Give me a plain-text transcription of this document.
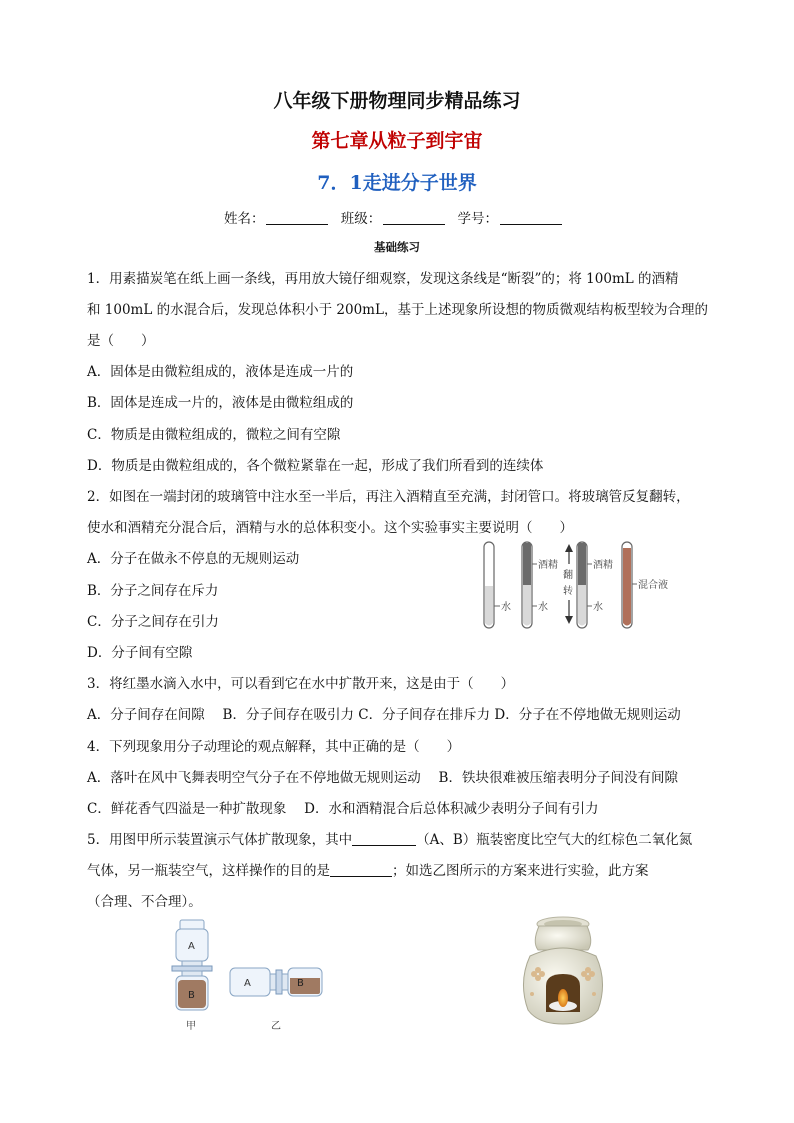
八年级下册物理同步精品练习
第七章从粒子到宇宙
7．1走进分子世界
姓名：	班级：	学号：
基础练习
1．用素描炭笔在纸上画一条线，再用放大镜仔细观察，发现这条线是“断裂”的；将 100mL 的酒精
和 100mL 的水混合后，发现总体积小于 200mL，基于上述现象所设想的物质微观结构板型较为合理的
是（　　）
A．固体是由微粒组成的，液体是连成一片的
B．固体是连成一片的，液体是由微粒组成的
C．物质是由微粒组成的，微粒之间有空隙
D．物质是由微粒组成的，各个微粒紧靠在一起，形成了我们所看到的连续体
2．如图在一端封闭的玻璃管中注水至一半后，再注入酒精直至充满，封闭管口。将玻璃管反复翻转，
使水和酒精充分混合后，酒精与水的总体积变小。这个实验事实主要说明（　　）
A．分子在做永不停息的无规则运动
B．分子之间存在斥力
C．分子之间存在引力
D．分子间有空隙
水
酒精
水
翻
转
酒精
水
混合液
3．将红墨水滴入水中，可以看到它在水中扩散开来，这是由于（　　）
A．分子间存在间隙　 B．分子间存在吸引力 C．分子间存在排斥力 D．分子在不停地做无规则运动
4．下列现象用分子动理论的观点解释，其中正确的是（　　）
A．落叶在风中飞舞表明空气分子在不停地做无规则运动　 B．铁块很难被压缩表明分子间没有间隙
C．鲜花香气四溢是一种扩散现象　 D．水和酒精混合后总体积减少表明分子间有引力
5．用图甲所示装置演示气体扩散现象，其中	（A、B）瓶装密度比空气大的红棕色二氧化氮
气体，另一瓶装空气，这样操作的目的是	；如选乙图所示的方案来进行实验，此方案
（合理、不合理）。
A
B
甲
A	B
乙
